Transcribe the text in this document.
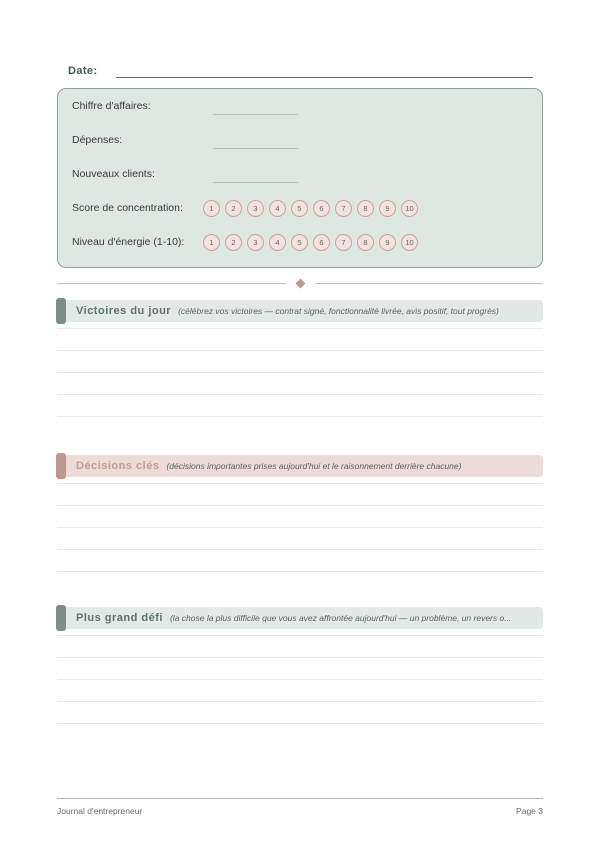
Date:
Chiffre d'affaires:
Dépenses:
Nouveaux clients:
Score de concentration:	1	2	3	4	5	6	7	8	9	10
Niveau d'énergie (1-10):	1	2	3	4	5	6	7	8	9	10
Victoires du jour (célébrez vos victoires — contrat signé, fonctionnalité livrée, avis positif, tout progrès)
Décisions clés (décisions importantes prises aujourd'hui et le raisonnement derrière chacune)
Plus grand défi (la chose la plus difficile que vous avez affrontée aujourd'hui — un problème, un revers o...
Journal d'entrepreneur	Page 3
